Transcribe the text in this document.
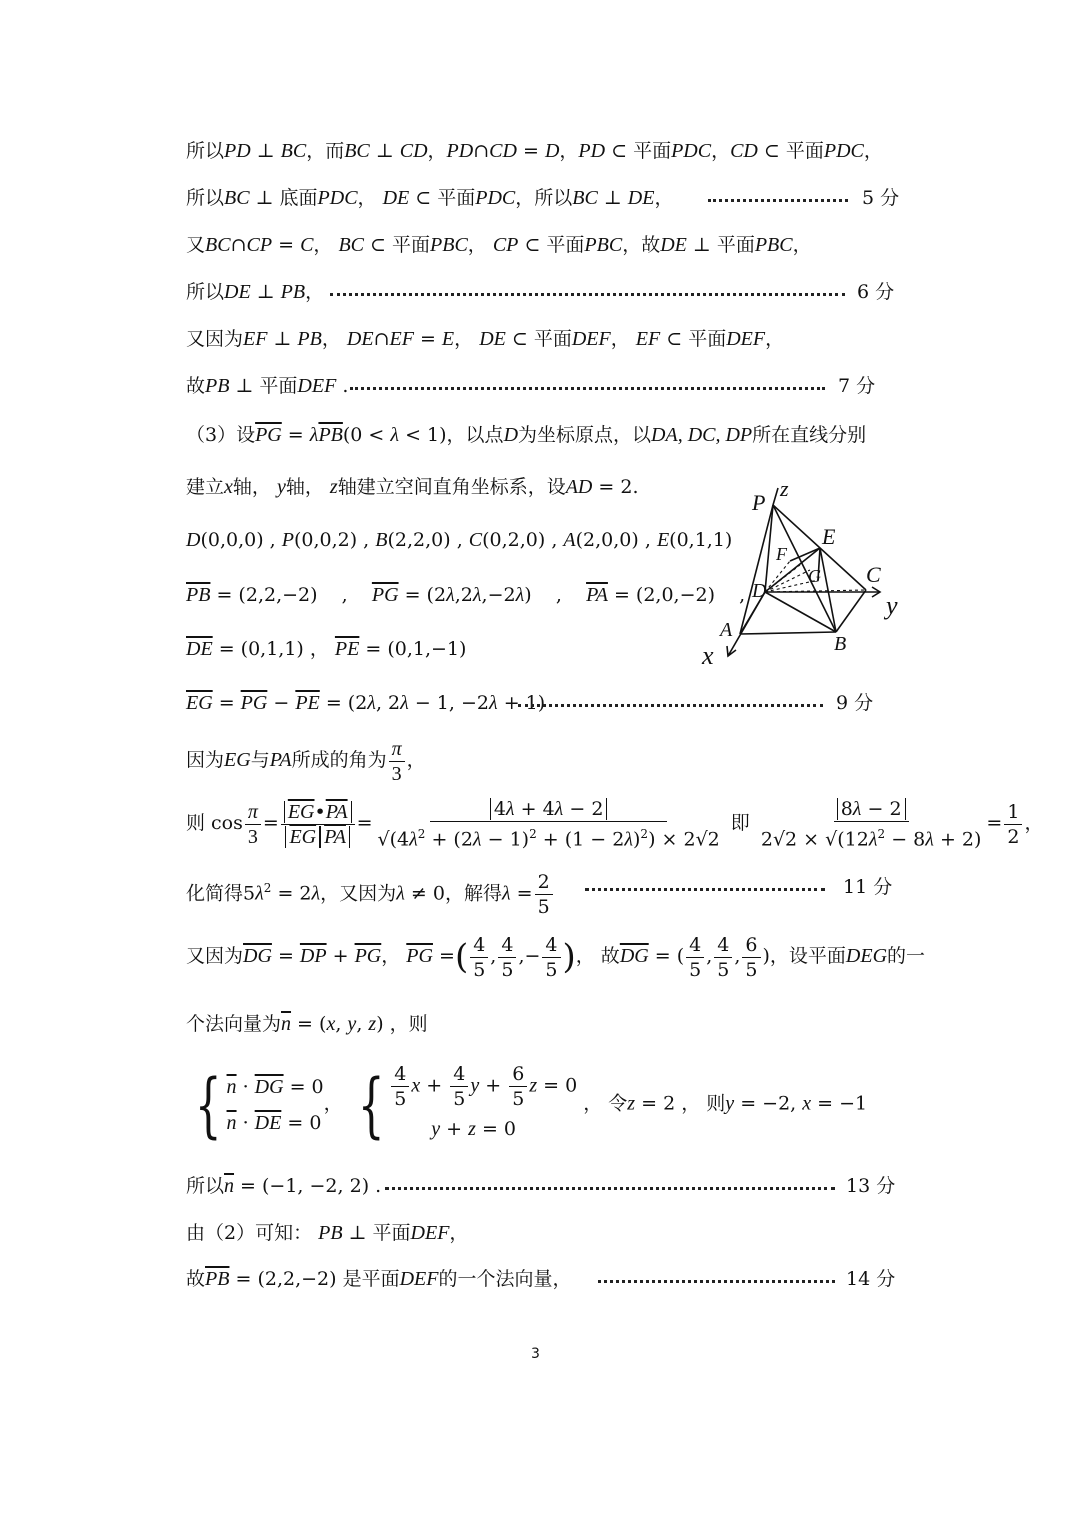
所以PD ⊥ BC，而BC ⊥ CD，PD∩CD = D，PD ⊂ 平面PDC，CD ⊂ 平面PDC，
所以BC ⊥ 底面PDC， DE ⊂ 平面PDC，所以BC ⊥ DE，	5 分
又BC∩CP = C， BC ⊂ 平面PBC， CP ⊂ 平面PBC，故DE ⊥ 平面PBC，
所以DE ⊥ PB，	6 分
又因为EF ⊥ PB， DE∩EF = E， DE ⊂ 平面DEF， EF ⊂ 平面DEF，
故PB ⊥ 平面DEF .	7 分
（3）设$\overline{PG} = \lambda\overline{PB}(0 < \lambda < 1)$，以点D为坐标原点，以DA, DC, DP所在直线分别
建立x轴， y轴， z轴建立空间直角坐标系，设AD = 2.
D(0,0,0) , P(0,0,2) , B(2,2,0) , C(0,2,0) , A(2,0,0) , E(0,1,1)
$\overline{PB} = (2,2,-2)$    ,    $\overline{PG} = (2\lambda,2\lambda,-2\lambda)$    ,    $\overline{PA} = (2,0,-2)$    ,
$\overline{DE} = (0,1,1)$ ， $\overline{PE} = (0,1,-1)$
$\overline{EG} = \overline{PG} - \overline{PE} = (2\lambda$, 2λ − 1, −2λ + 1)	9 分
因为EG与PA所成的角为 $\frac{\pi}{3}$ ，
则 $\cos \frac{\pi}{3} = \frac{\overline{EG}•\overline{PA}}{\overline{EG} \overline{PA}} = \frac{4\lambda + 4\lambda - 2}{√(4\lambda^2 + (2\lambda - 1)^2 + (1 - 2\lambda)^2) \times 2√2}$ 即 $\frac{8\lambda - 2}{2√2 \times √(12\lambda^2 - 8\lambda + 2)} = \frac{1}{2}$ ，
化简得$5\lambda^2 = 2\lambda$，又因为λ ≠ 0，解得$\lambda = \frac{2}{5}$	11 分
又因为$\overline{DG} = \overline{DP} + \overline{PG}$， $\overline{PG}$ =( $\frac{4}{5}$ , $\frac{4}{5}$ ,− $\frac{4}{5}$ )， 故$\overline{DG}$ = ( $\frac{4}{5}$ , $\frac{4}{5}$ , $\frac{6}{5}$ )，设平面DEG的一
个法向量为$\overline{n} = (x$, y, z) ，则
{ $\overline{n} \cdot \overline{DG} = 0$
$\overline{n} \cdot \overline{DE} = 0$
， { $\frac{4}{5}$ $x + \frac{4}{5}$ $y + \frac{6}{5}$ z = 0
y + z = 0
， 令z = 2 ， 则y = −2, x = −1
所以$\overline{n} = (-1$, −2, 2) .	13 分
由（2）可知： PB ⊥ 平面DEF，
故$\overline{PB} = (2,2,-2)$ 是平面DEF的一个法向量，	14 分
P
z
E
F
G C
D	y
A
B
x
3
